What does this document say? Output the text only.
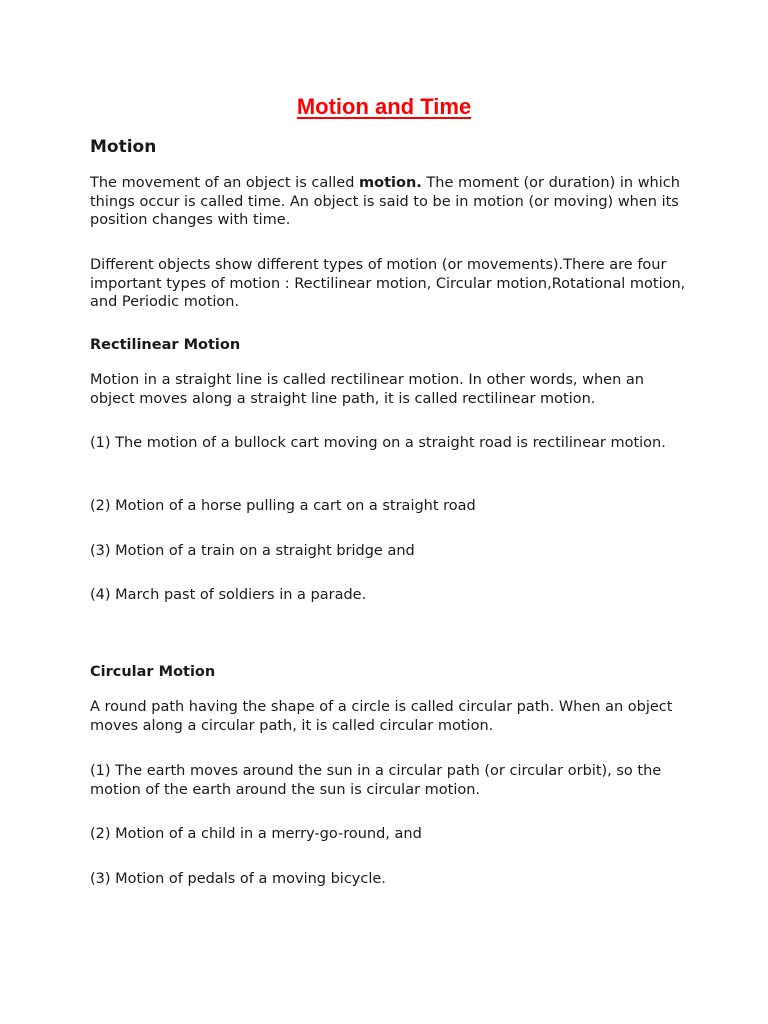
Motion and Time
Motion
The movement of an object is called motion. The moment (or duration) in which things occur is called time. An object is said to be in motion (or moving) when its position changes with time.
Different objects show different types of motion (or movements).There are four important types of motion : Rectilinear motion, Circular motion,Rotational motion, and Periodic motion.
Rectilinear Motion
Motion in a straight line is called rectilinear motion. In other words, when an object moves along a straight line path, it is called rectilinear motion.
(1) The motion of a bullock cart moving on a straight road is rectilinear motion.
(2) Motion of a horse pulling a cart on a straight road
(3) Motion of a train on a straight bridge and
(4) March past of soldiers in a parade.
Circular Motion
A round path having the shape of a circle is called circular path. When an object moves along a circular path, it is called circular motion.
(1) The earth moves around the sun in a circular path (or circular orbit), so the motion of the earth around the sun is circular motion.
(2) Motion of a child in a merry-go-round, and
(3) Motion of pedals of a moving bicycle.
